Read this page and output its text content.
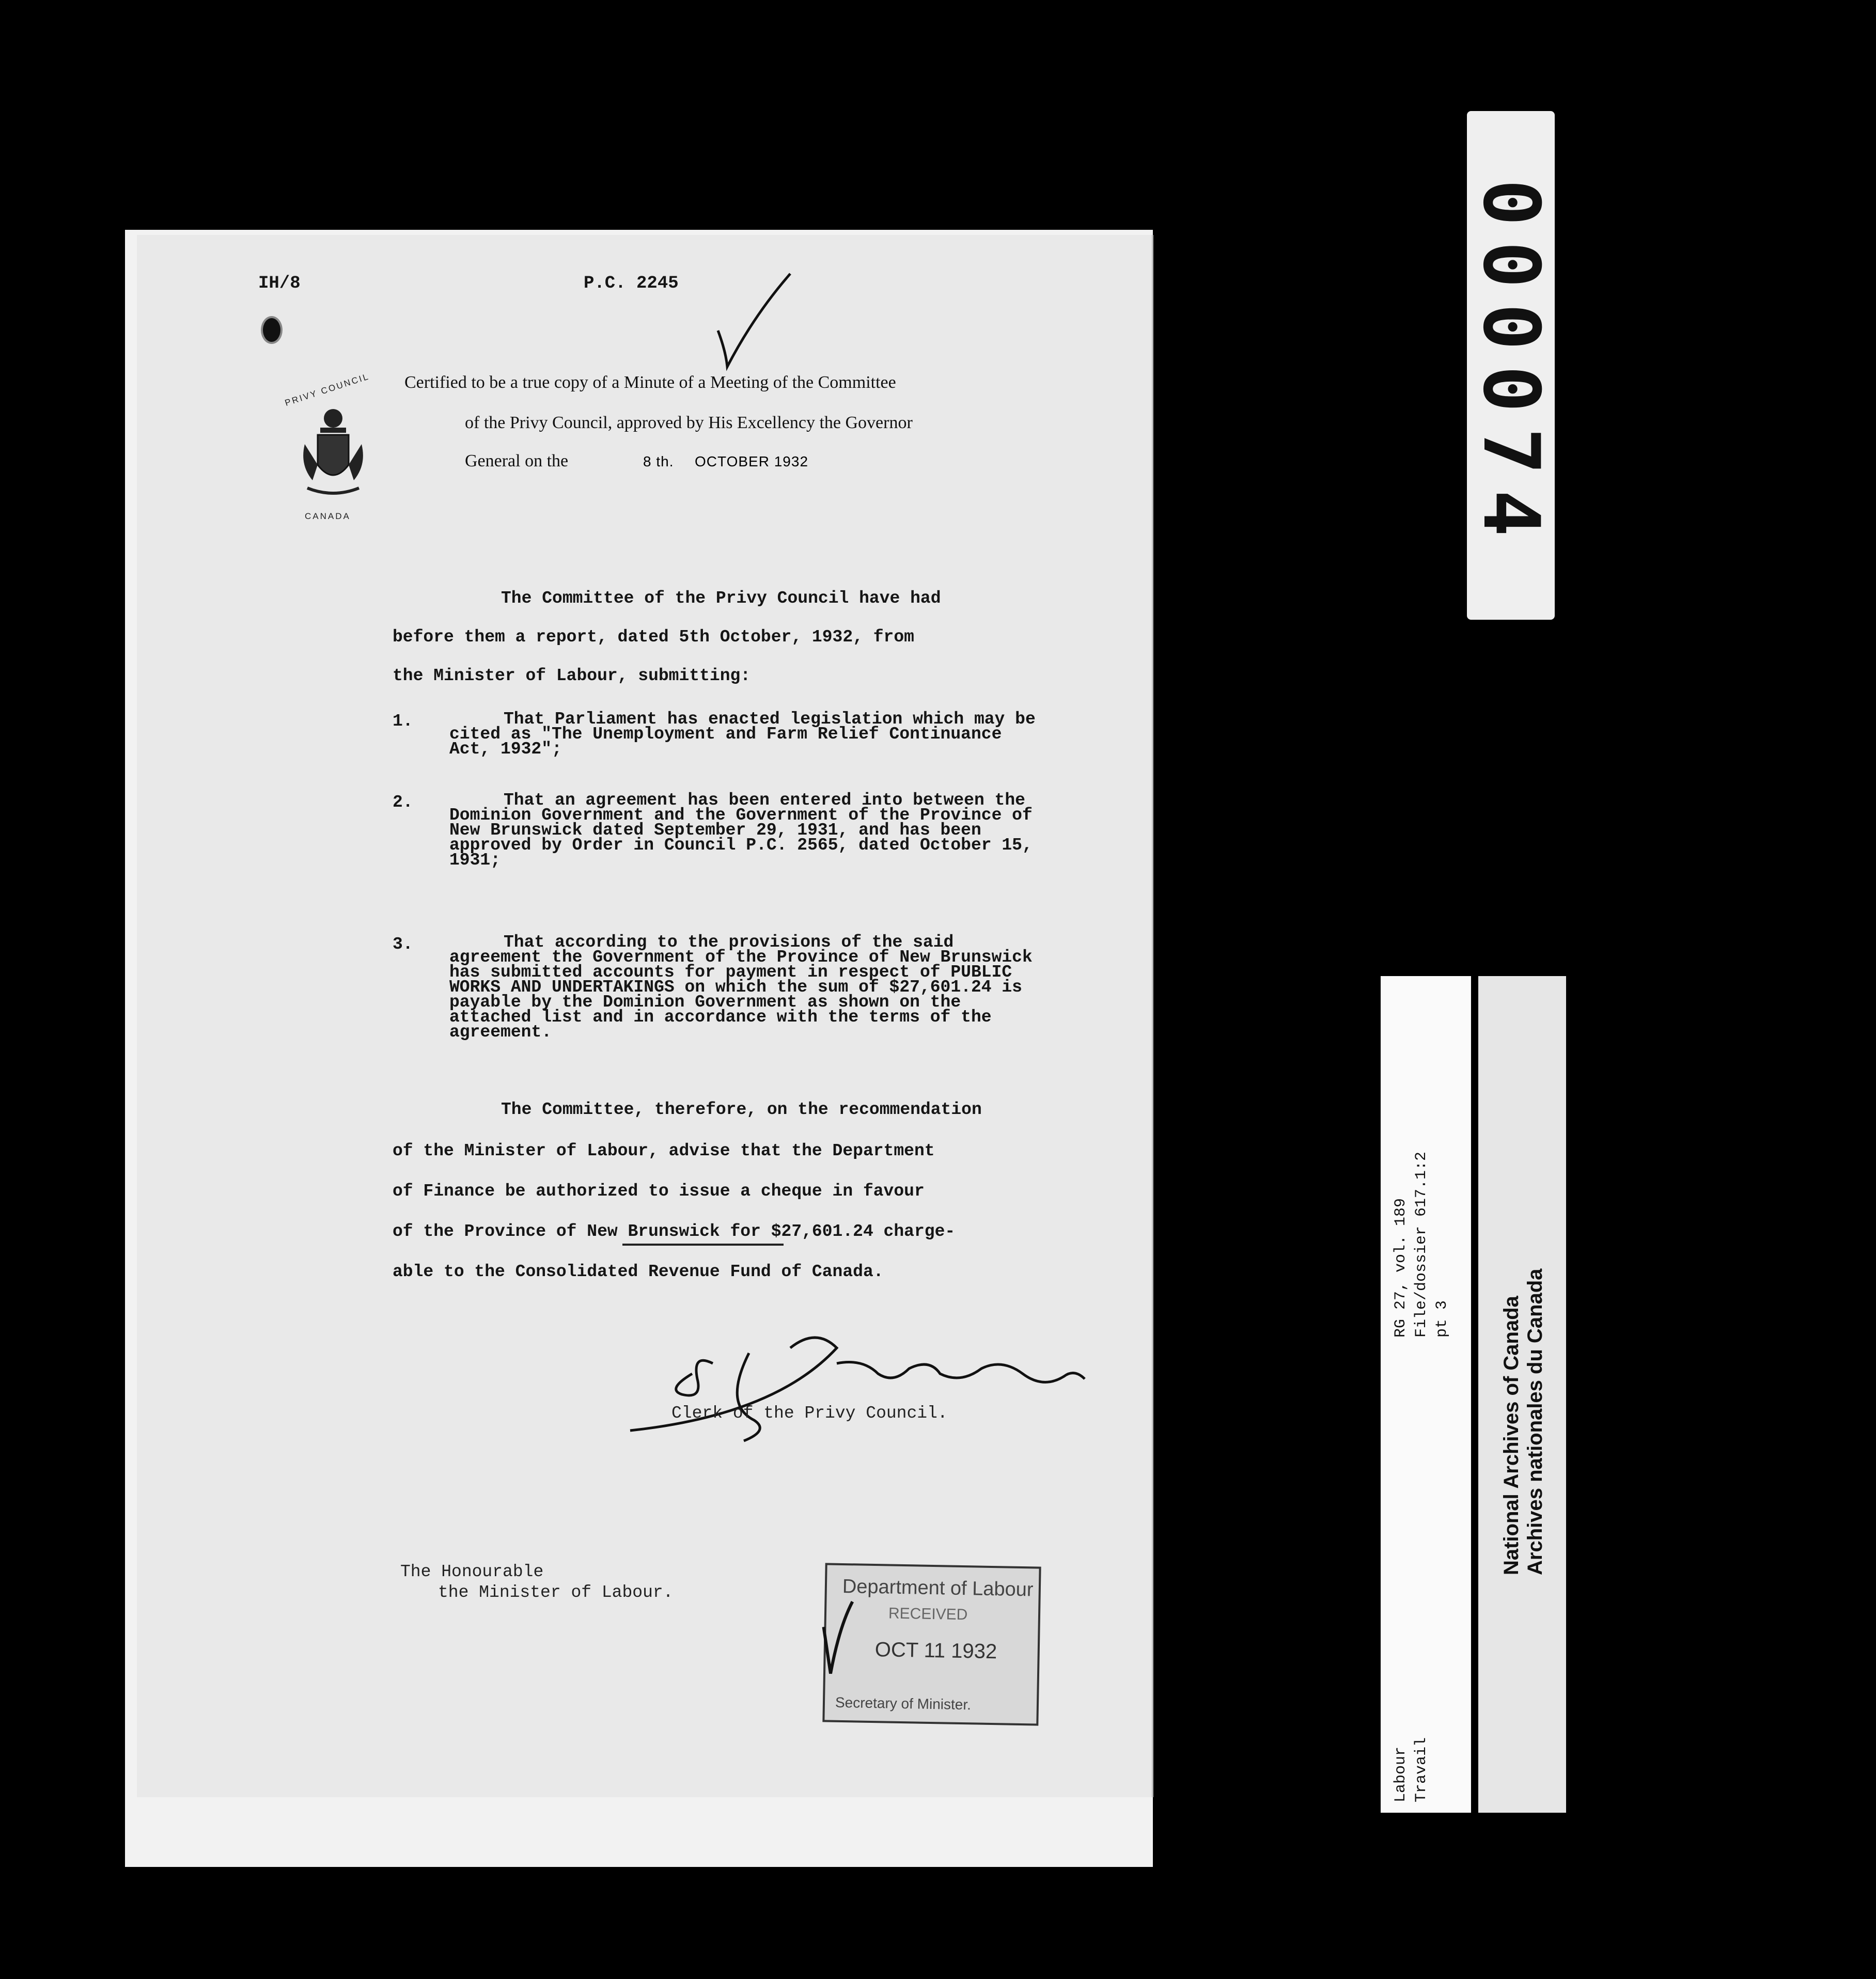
IH/8	P.C. 2245
PRIVY COUNCIL
CANADA
Certified to be a true copy of a Minute of a Meeting of the Committee
of the Privy Council, approved by His Excellency the Governor
General on the	8 th. OCTOBER 1932
The Committee of the Privy Council have had
before them a report, dated 5th October, 1932, from
the Minister of Labour, submitting:
1.	That Parliament has enacted legislation which may be cited as "The Unemployment and Farm Relief Continuance Act, 1932";
2.	That an agreement has been entered into between the Dominion Government and the Government of the Province of New Brunswick dated September 29, 1931, and has been approved by Order in Council P.C. 2565, dated October 15, 1931;
3.	That according to the provisions of the said agreement the Government of the Province of New Brunswick has submitted accounts for payment in respect of PUBLIC WORKS AND UNDERTAKINGS on which the sum of $27,601.24 is payable by the Dominion Government as shown on the attached list and in accordance with the terms of the agreement.
The Committee, therefore, on the recommendation
of the Minister of Labour, advise that the Department
of Finance be authorized to issue a cheque in favour
of the Province of New Brunswick for $27,601.24 charge-
able to the Consolidated Revenue Fund of Canada.
Clerk of the Privy Council.
The Honourable
the Minister of Labour.	Department of Labour
RECEIVED
OCT 11 1932
Secretary of Minister.
000074
RG 27, vol. 189 File/dossier 617.1:2 pt 3
Labour Travail
National Archives of Canada Archives nationales du Canada
